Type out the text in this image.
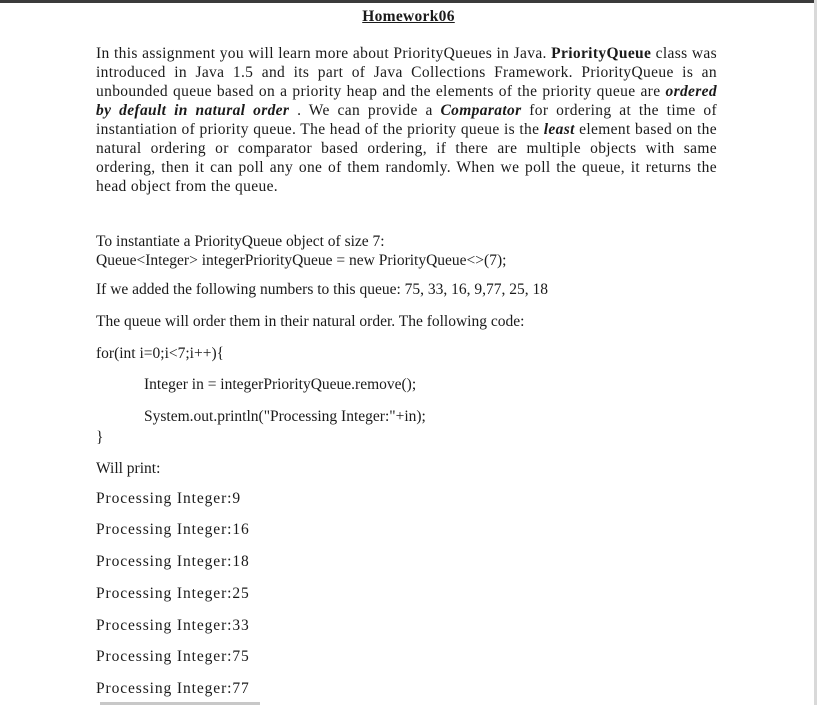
Homework06

In this assignment you will learn more about PriorityQueues in Java. PriorityQueue class was introduced in Java 1.5 and its part of Java Collections Framework. PriorityQueue is an unbounded queue based on a priority heap and the elements of the priority queue are ordered by default in natural order . We can provide a Comparator for ordering at the time of instantiation of priority queue. The head of the priority queue is the least element based on the natural ordering or comparator based ordering, if there are multiple objects with same ordering, then it can poll any one of them randomly. When we poll the queue, it returns the head object from the queue.

To instantiate a PriorityQueue object of size 7:

Queue<Integer> integerPriorityQueue = new PriorityQueue<>(7);

If we added the following numbers to this queue: 75, 33, 16, 9,77, 25, 18

The queue will order them in their natural order. The following code:

for(int i=0;i<7;i++){

Integer in = integerPriorityQueue.remove();

System.out.println("Processing Integer:"+in);

}

Will print:

Processing Integer:9

Processing Integer:16

Processing Integer:18

Processing Integer:25

Processing Integer:33

Processing Integer:75

Processing Integer:77
